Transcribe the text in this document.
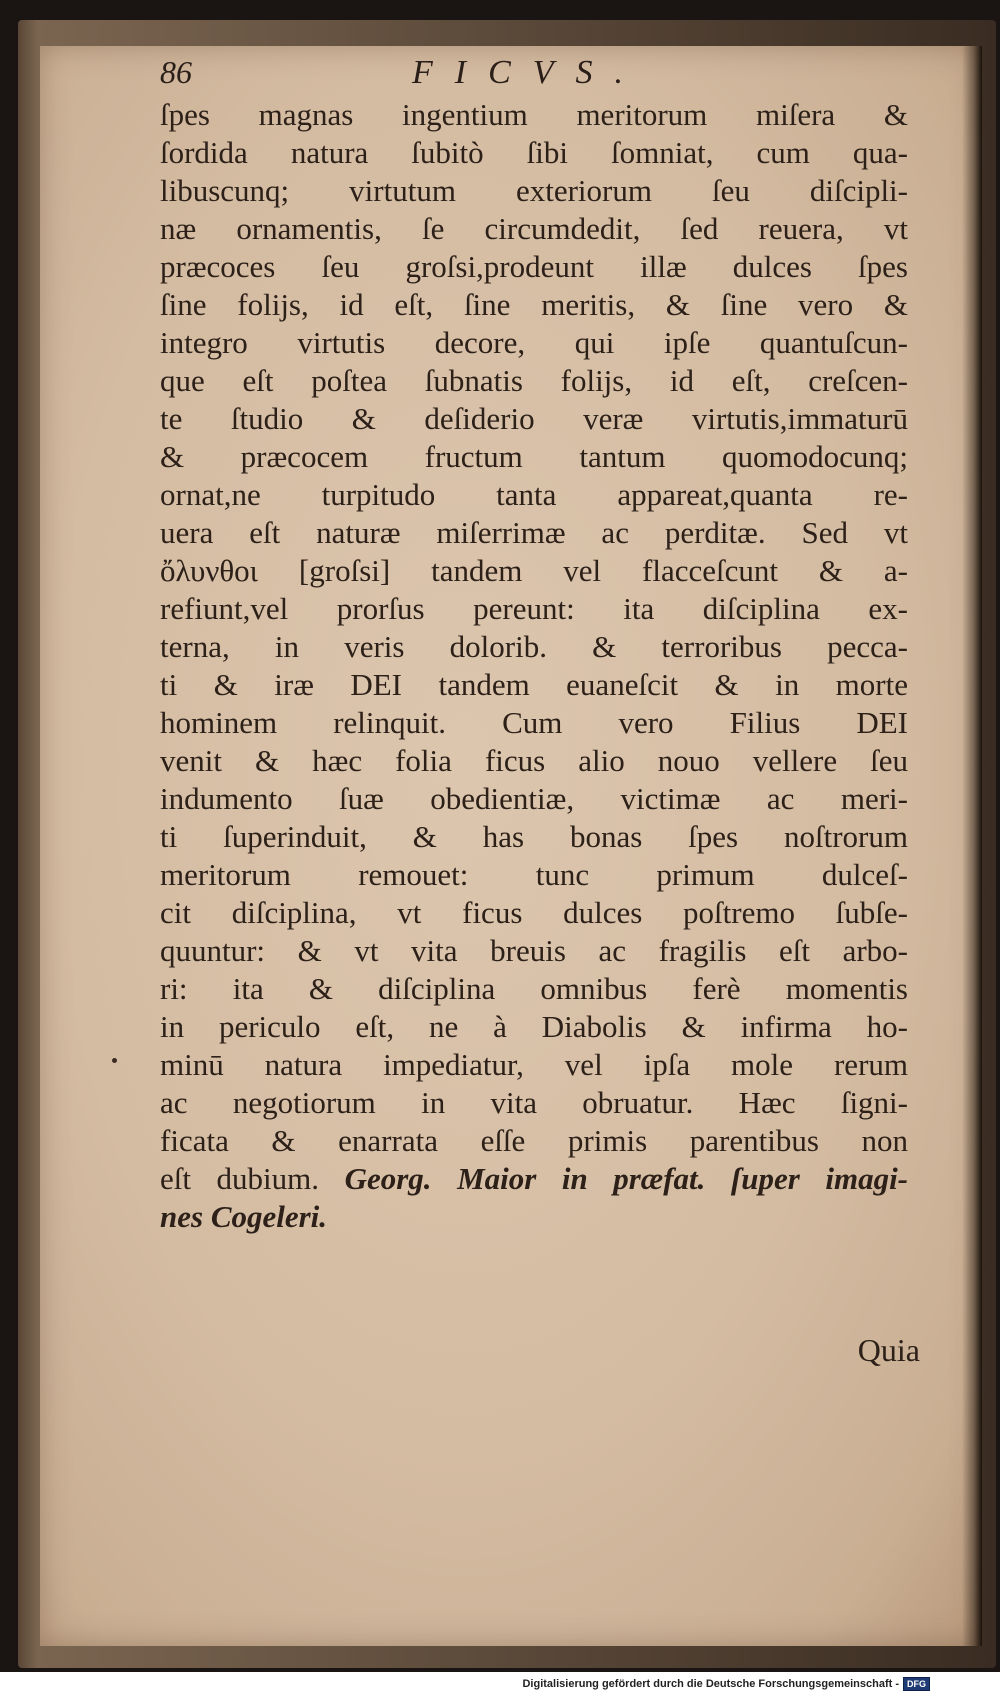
86	FICVS.
ſpes magnas ingentium meritorum miſera &
ſordida natura ſubitò ſibi ſomniat, cum qua-
libuscunq; virtutum exteriorum ſeu diſcipli-
næ ornamentis, ſe circumdedit, ſed reuera, vt
præcoces ſeu groſsi,prodeunt illæ dulces ſpes
ſine folijs, id eſt, ſine meritis, & ſine vero &
integro virtutis decore, qui ipſe quantuſcun-
que eſt poſtea ſubnatis folijs, id eſt, creſcen-
te ſtudio & deſiderio veræ virtutis,immaturū
& præcocem fructum tantum quomodocunq;
ornat,ne turpitudo tanta appareat,quanta re-
uera eſt naturæ miſerrimæ ac perditæ. Sed vt
ὄλυνθοι [groſsi] tandem vel flacceſcunt & a-
refiunt,vel prorſus pereunt: ita diſciplina ex-
terna, in veris dolorib. & terroribus pecca-
ti & iræ DEI tandem euaneſcit & in morte
hominem relinquit. Cum vero Filius DEI
venit & hæc folia ficus alio nouo vellere ſeu
indumento ſuæ obedientiæ, victimæ ac meri-
ti ſuperinduit, & has bonas ſpes noſtrorum
meritorum remouet: tunc primum dulceſ-
cit diſciplina, vt ficus dulces poſtremo ſubſe-
quuntur: & vt vita breuis ac fragilis eſt arbo-
ri: ita & diſciplina omnibus ferè momentis
in periculo eſt, ne à Diabolis & infirma ho-
minū natura impediatur, vel ipſa mole rerum
ac negotiorum in vita obruatur. Hæc ſigni-
ficata & enarrata eſſe primis parentibus non
eſt dubium. Georg. Maior in præfat. ſuper imagi-
nes Cogeleri.
Quia
Digitalisierung gefördert durch die Deutsche Forschungsgemeinschaft - DFG
